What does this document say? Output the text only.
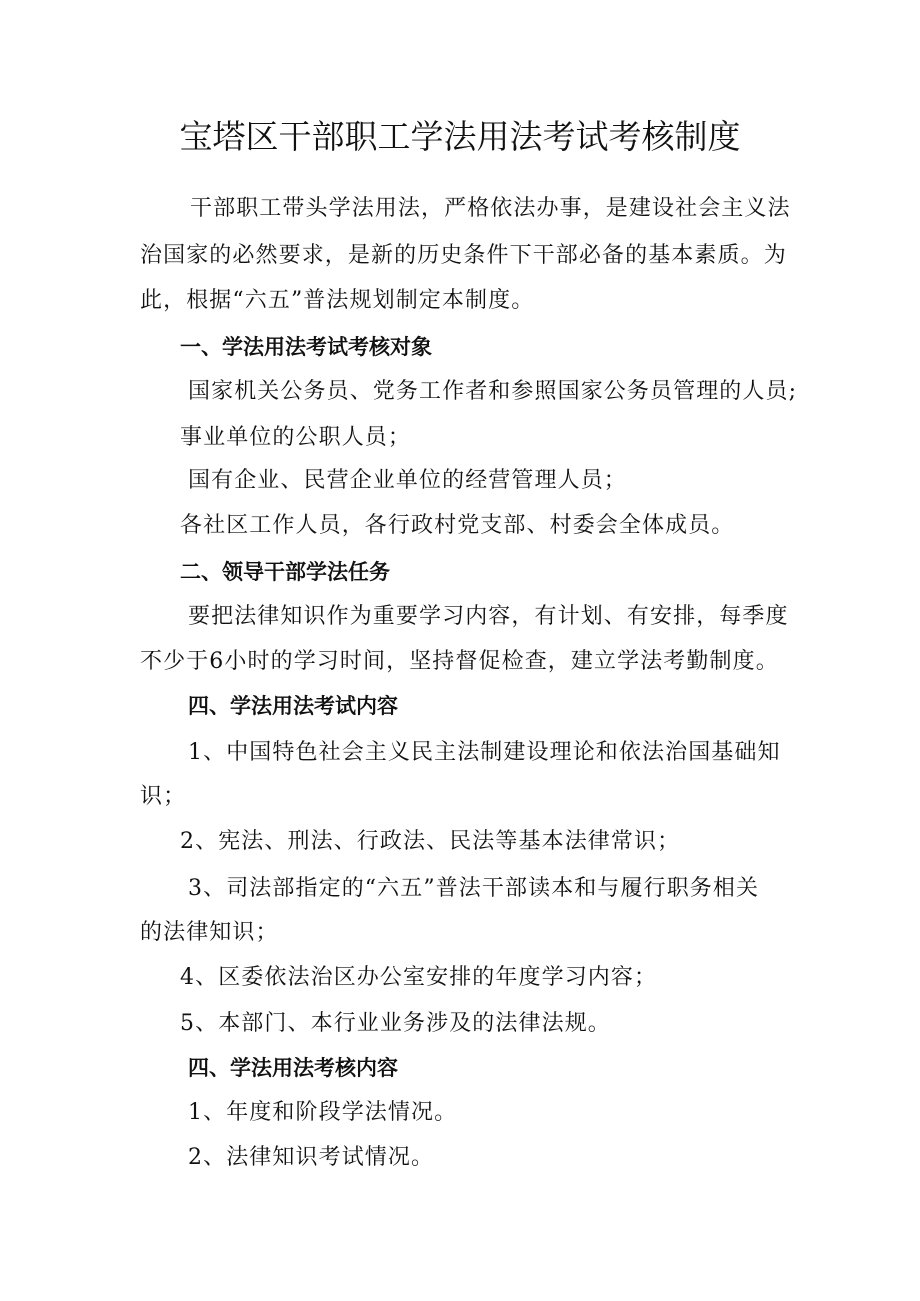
宝塔区干部职工学法用法考试考核制度
干部职工带头学法用法，严格依法办事，是建设社会主义法
治国家的必然要求，是新的历史条件下干部必备的基本素质。为
此，根据“六五”普法规划制定本制度。
一、学法用法考试考核对象
国家机关公务员、党务工作者和参照国家公务员管理的人员;
事业单位的公职人员；
国有企业、民营企业单位的经营管理人员；
各社区工作人员，各行政村党支部、村委会全体成员。
二、领导干部学法任务
要把法律知识作为重要学习内容，有计划、有安排，每季度
不少于6小时的学习时间，坚持督促检查，建立学法考勤制度。
四、学法用法考试内容
1、中国特色社会主义民主法制建设理论和依法治国基础知
识；
2、宪法、刑法、行政法、民法等基本法律常识；
3、司法部指定的“六五”普法干部读本和与履行职务相关
的法律知识；
4、区委依法治区办公室安排的年度学习内容；
5、本部门、本行业业务涉及的法律法规。
四、学法用法考核内容
1、年度和阶段学法情况。
2、法律知识考试情况。
